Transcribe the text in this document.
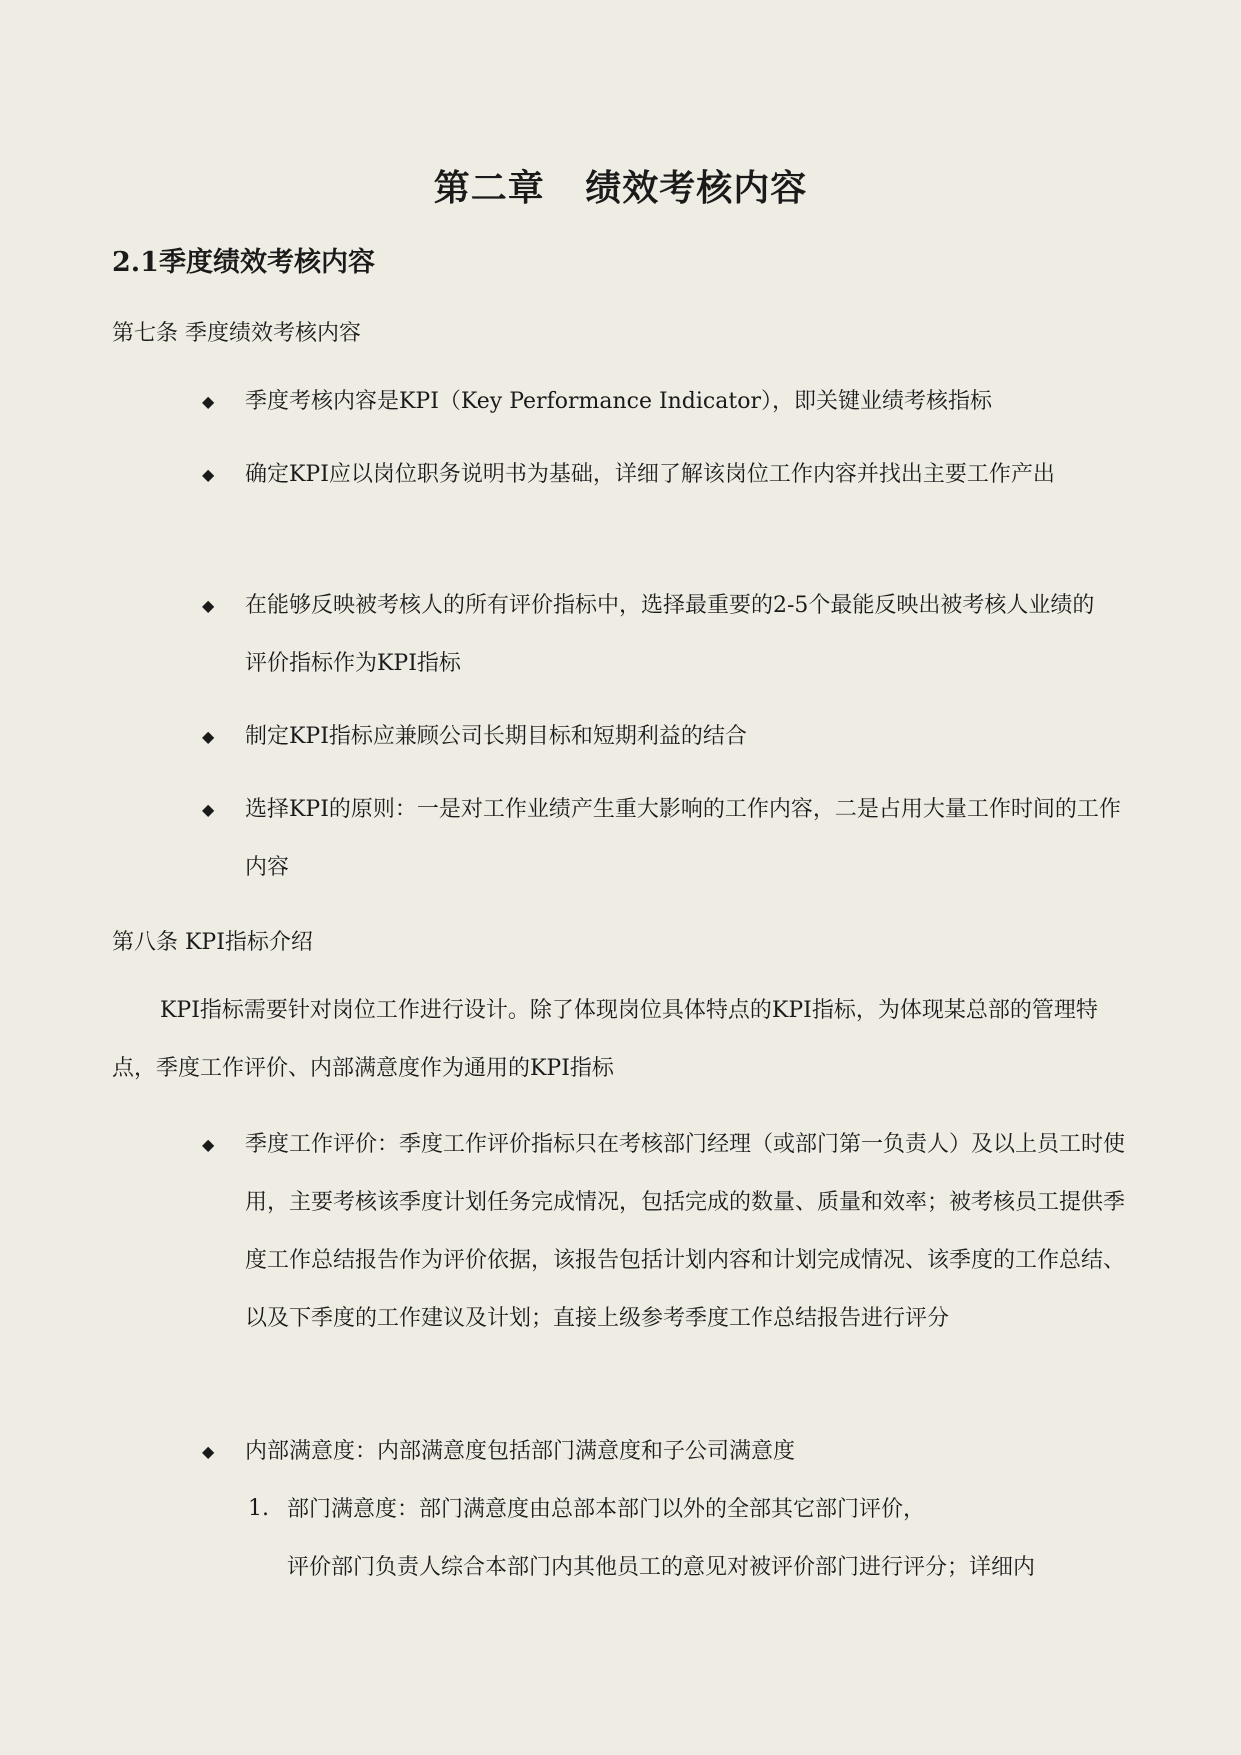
第二章   绩效考核内容
2.1季度绩效考核内容

第七条 季度绩效考核内容

◆ 季度考核内容是KPI（Key Performance Indicator），即关键业绩考核指标

◆ 确定KPI应以岗位职务说明书为基础，详细了解该岗位工作内容并找出主要工作产出

◆ 在能够反映被考核人的所有评价指标中，选择最重要的2-5个最能反映出被考核人业绩的评价指标作为KPI指标

◆ 制定KPI指标应兼顾公司长期目标和短期利益的结合

◆ 选择KPI的原则：一是对工作业绩产生重大影响的工作内容，二是占用大量工作时间的工作内容

第八条 KPI指标介绍

KPI指标需要针对岗位工作进行设计。除了体现岗位具体特点的KPI指标，为体现某总部的管理特点，季度工作评价、内部满意度作为通用的KPI指标

◆ 季度工作评价：季度工作评价指标只在考核部门经理（或部门第一负责人）及以上员工时使用，主要考核该季度计划任务完成情况，包括完成的数量、质量和效率；被考核员工提供季度工作总结报告作为评价依据，该报告包括计划内容和计划完成情况、该季度的工作总结、以及下季度的工作建议及计划；直接上级参考季度工作总结报告进行评分

◆ 内部满意度：内部满意度包括部门满意度和子公司满意度

1. 部门满意度：部门满意度由总部本部门以外的全部其它部门评价，

评价部门负责人综合本部门内其他员工的意见对被评价部门进行评分；详细内
